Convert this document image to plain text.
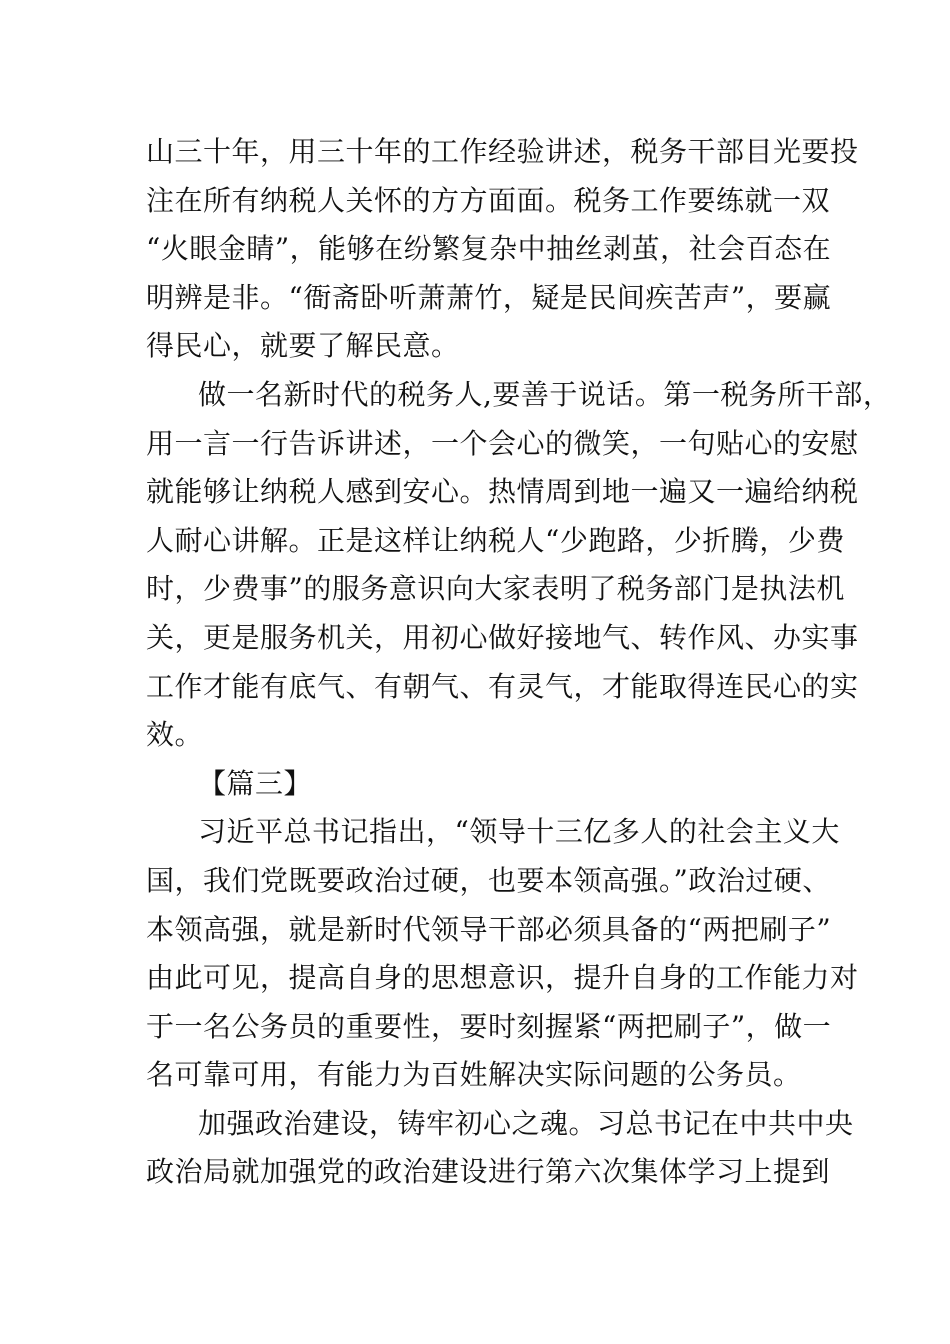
山三十年，用三十年的工作经验讲述，税务干部目光要投
注在所有纳税人关怀的方方面面。税务工作要练就一双
“火眼金睛”，能够在纷繁复杂中抽丝剥茧，社会百态在
明辨是非。“衙斋卧听萧萧竹，疑是民间疾苦声”，要赢
得民心，就要了解民意。
做一名新时代的税务人,要善于说话。第一税务所干部，
用一言一行告诉讲述，一个会心的微笑，一句贴心的安慰
就能够让纳税人感到安心。热情周到地一遍又一遍给纳税
人耐心讲解。正是这样让纳税人“少跑路，少折腾，少费
时，少费事”的服务意识向大家表明了税务部门是执法机
关，更是服务机关，用初心做好接地气、转作风、办实事
工作才能有底气、有朝气、有灵气，才能取得连民心的实
效。
【篇三】
习近平总书记指出，“领导十三亿多人的社会主义大
国，我们党既要政治过硬，也要本领高强。”政治过硬、
本领高强，就是新时代领导干部必须具备的“两把刷子”
由此可见，提高自身的思想意识，提升自身的工作能力对
于一名公务员的重要性，要时刻握紧“两把刷子”，做一
名可靠可用，有能力为百姓解决实际问题的公务员。
加强政治建设，铸牢初心之魂。习总书记在中共中央
政治局就加强党的政治建设进行第六次集体学习上提到
